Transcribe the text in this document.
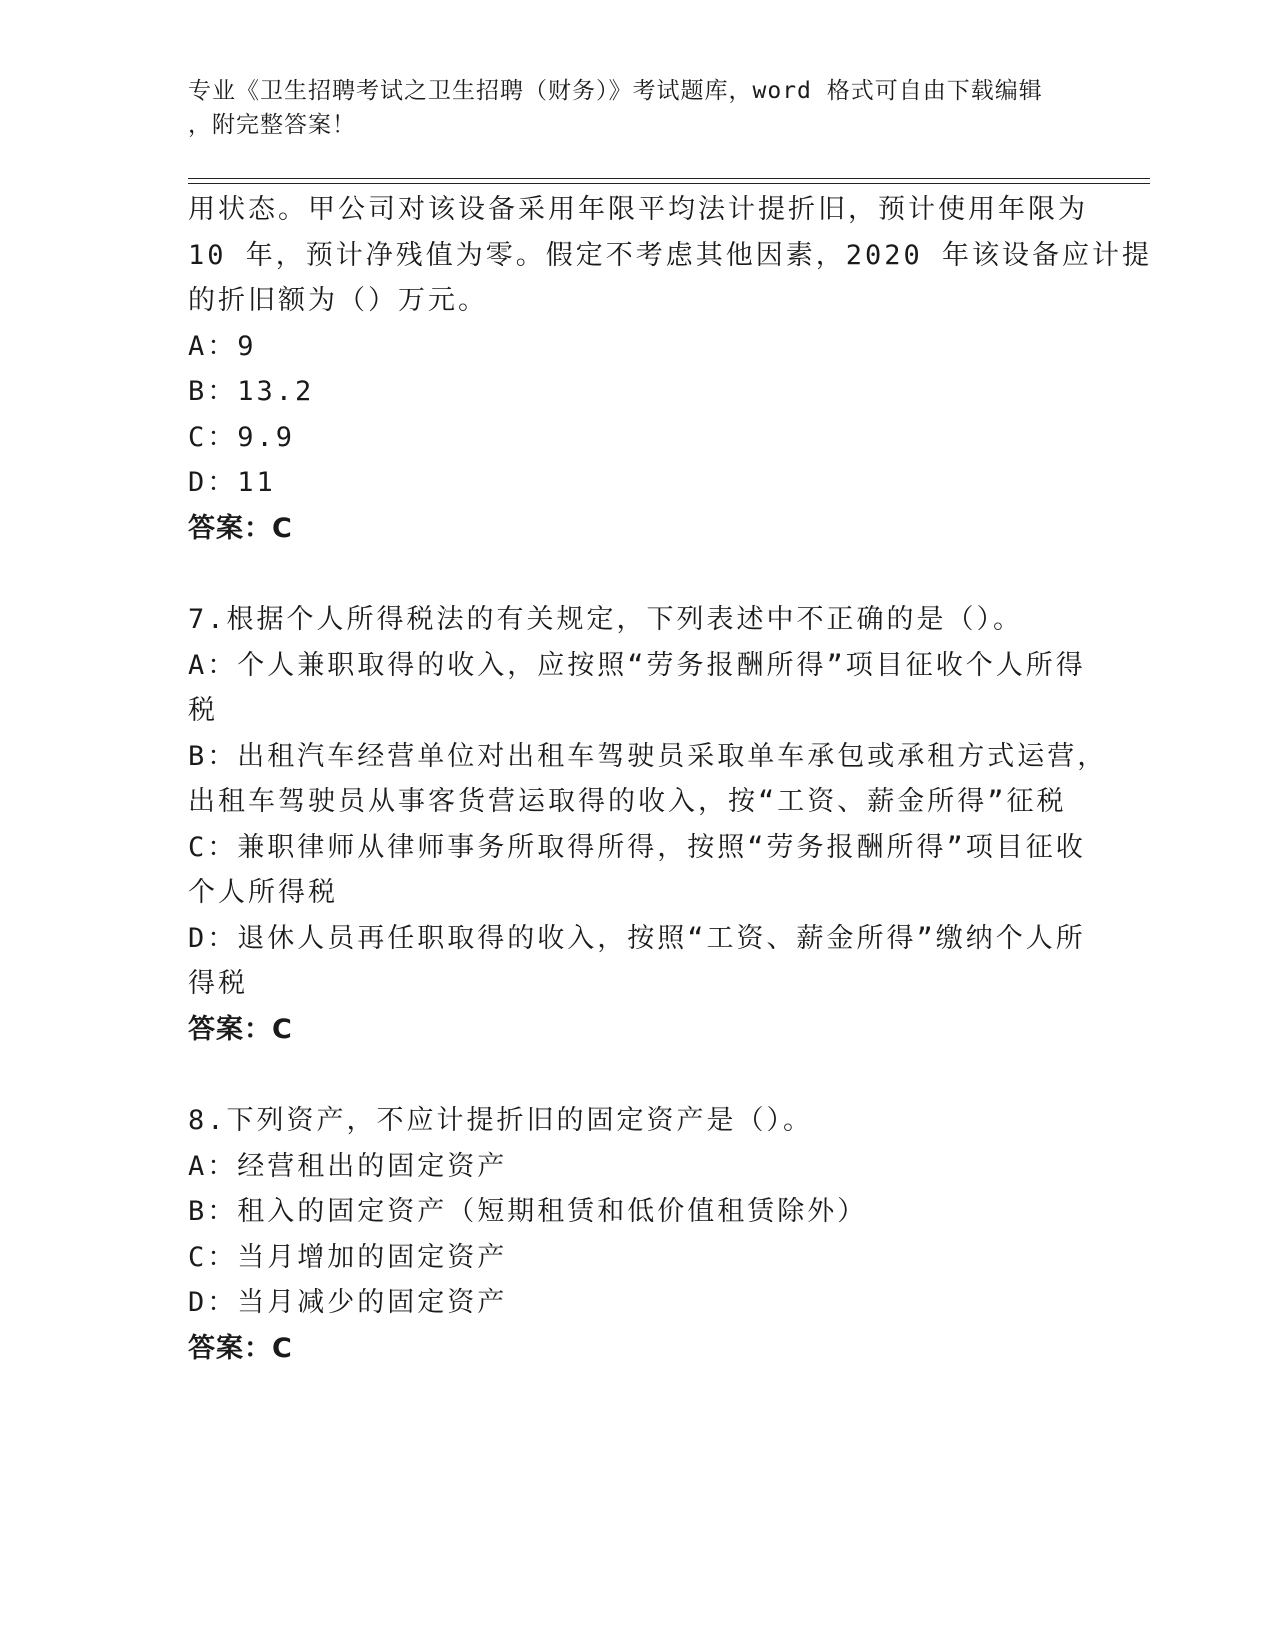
专业《卫生招聘考试之卫生招聘（财务）》考试题库，word 格式可自由下载编辑
，附完整答案！
用状态。甲公司对该设备采用年限平均法计提折旧，预计使用年限为
10 年，预计净残值为零。假定不考虑其他因素，2020 年该设备应计提
的折旧额为（）万元。
A：9
B：13.2
C：9.9
D：11
答案：C
7.根据个人所得税法的有关规定，下列表述中不正确的是（）。
A：个人兼职取得的收入，应按照“劳务报酬所得”项目征收个人所得
税
B：出租汽车经营单位对出租车驾驶员采取单车承包或承租方式运营，
出租车驾驶员从事客货营运取得的收入，按“工资、薪金所得”征税
C：兼职律师从律师事务所取得所得，按照“劳务报酬所得”项目征收
个人所得税
D：退休人员再任职取得的收入，按照“工资、薪金所得”缴纳个人所
得税
答案：C
8.下列资产，不应计提折旧的固定资产是（）。
A：经营租出的固定资产
B：租入的固定资产（短期租赁和低价值租赁除外）
C：当月增加的固定资产
D：当月减少的固定资产
答案：C
